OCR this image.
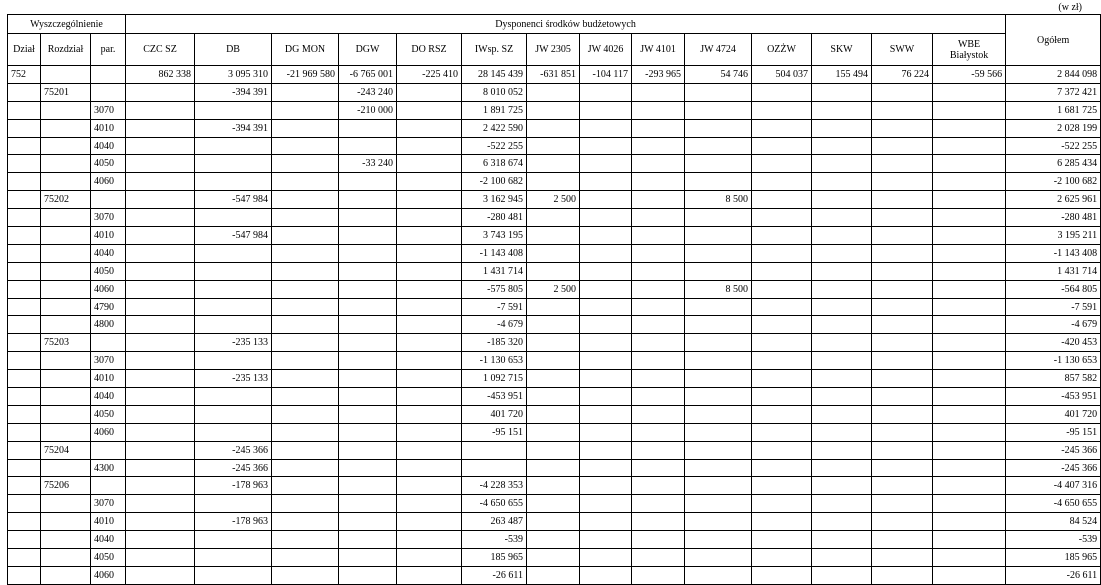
(w zł)
Wyszczególnienie			Dysponenci środków budżetowych														Ogółem
Dział	Rozdział	par.	CZC SZ	DB	DG MON	DGW	DO RSZ	IWsp. SZ	JW 2305	JW 4026	JW 4101	JW 4724	OZŻW	SKW	SWW	WBE
Białystok	
752			862 338	3 095 310	-21 969 580	-6 765 001	-225 410	28 145 439	-631 851	-104 117	-293 965	54 746	504 037	155 494	76 224	-59 566	2 844 098
	75201			-394 391		-243 240		8 010 052									7 372 421
		3070				-210 000		1 891 725									1 681 725
		4010		-394 391				2 422 590									2 028 199
		4040						-522 255									-522 255
		4050				-33 240		6 318 674									6 285 434
		4060						-2 100 682									-2 100 682
	75202			-547 984				3 162 945	2 500			8 500					2 625 961
		3070						-280 481									-280 481
		4010		-547 984				3 743 195									3 195 211
		4040						-1 143 408									-1 143 408
		4050						1 431 714									1 431 714
		4060						-575 805	2 500			8 500					-564 805
		4790						-7 591									-7 591
		4800						-4 679									-4 679
	75203			-235 133				-185 320									-420 453
		3070						-1 130 653									-1 130 653
		4010		-235 133				1 092 715									857 582
		4040						-453 951									-453 951
		4050						401 720									401 720
		4060						-95 151									-95 151
	75204			-245 366													-245 366
		4300		-245 366													-245 366
	75206			-178 963				-4 228 353									-4 407 316
		3070						-4 650 655									-4 650 655
		4010		-178 963				263 487									84 524
		4040						-539									-539
		4050						185 965									185 965
		4060						-26 611									-26 611
